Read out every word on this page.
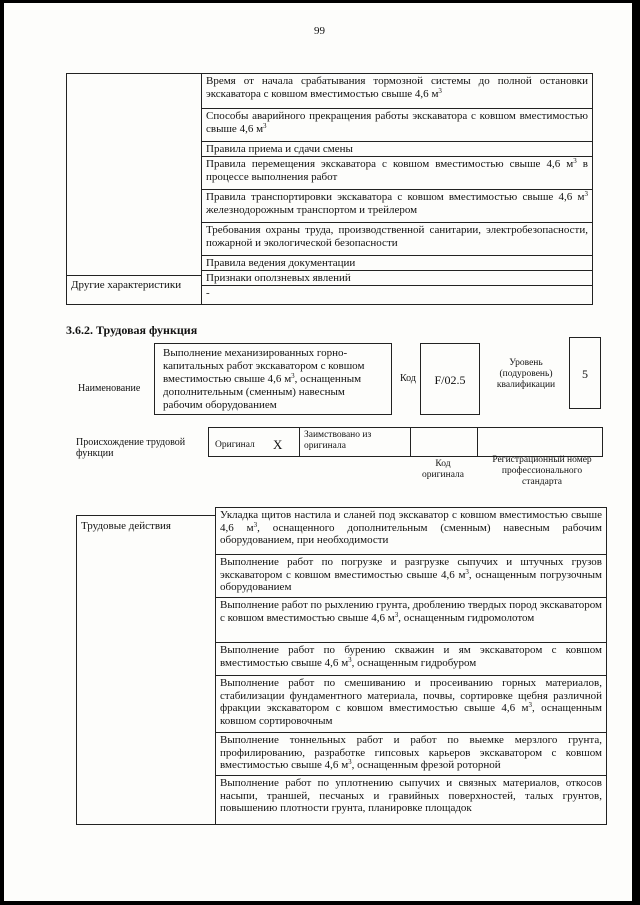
99
Время от начала срабатывания тормозной системы до полной остановки экскаватора с ковшом вместимостью свыше 4,6 $м^3$
Способы аварийного прекращения работы экскаватора с ковшом вместимостью свыше 4,6 $м^3$
Правила приема и сдачи смены
Правила перемещения экскаватора с ковшом вместимостью свыше 4,6 $м^3$ в процессе выполнения работ
Правила транспортировки экскаватора с ковшом вместимостью свыше 4,6 $м^3$ железнодорожным транспортом и трейлером
Требования охраны труда, производственной санитарии, электробезопасности, пожарной и экологической безопасности
Правила ведения документации
Признаки оползневых явлений
Другие характеристики
-
3.6.2. Трудовая функция
Наименование
Выполнение механизированных горно-капитальных работ экскаватором с ковшом вместимостью свыше 4,6 $м^3$, оснащенным дополнительным (сменным) навесным рабочим оборудованием
Код	F/02.5
Уровень (подуровень) квалификации
5
Происхождение трудовой функции
Оригинал X
Заимствовано из оригинала
Код оригинала
Регистрационный номер профессионального стандарта
Трудовые действия
Укладка щитов настила и сланей под экскаватор с ковшом вместимостью свыше 4,6 $м^3$, оснащенного дополнительным (сменным) навесным рабочим оборудованием, при необходимости
Выполнение работ по погрузке и разгрузке сыпучих и штучных грузов экскаватором с ковшом вместимостью свыше 4,6 $м^3$, оснащенным погрузочным оборудованием
Выполнение работ по рыхлению грунта, дроблению твердых пород экскаватором с ковшом вместимостью свыше 4,6 $м^3$, оснащенным гидромолотом
Выполнение работ по бурению скважин и ям экскаватором с ковшом вместимостью свыше 4,6 $м^3$, оснащенным гидробуром
Выполнение работ по смешиванию и просеиванию горных материалов, стабилизации фундаментного материала, почвы, сортировке щебня различной фракции экскаватором с ковшом вместимостью свыше 4,6 $м^3$, оснащенным ковшом сортировочным
Выполнение тоннельных работ и работ по выемке мерзлого грунта, профилированию, разработке гипсовых карьеров экскаватором с ковшом вместимостью свыше 4,6 $м^3$, оснащенным фрезой роторной
Выполнение работ по уплотнению сыпучих и связных материалов, откосов насыпи, траншей, песчаных и гравийных поверхностей, талых грунтов, повышению плотности грунта, планировке площадок
